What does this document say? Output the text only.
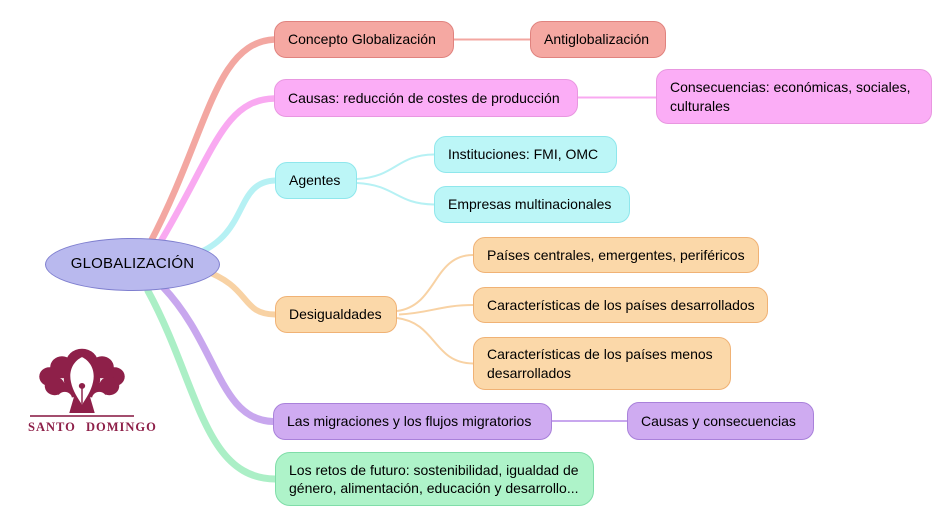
GLOBALIZACIÓN
Concepto Globalización	Antiglobalización
Causas: reducción de costes de producción
Consecuencias: económicas, sociales, culturales
Agentes
Instituciones: FMI, OMC
Empresas multinacionales
Desigualdades
Países centrales, emergentes, periféricos
Características de los países desarrollados
Características de los países menos desarrollados
Las migraciones y los flujos migratorios	Causas y consecuencias
Los retos de futuro: sostenibilidad, igualdad de género, alimentación, educación y desarrollo...
SANTO DOMINGO
